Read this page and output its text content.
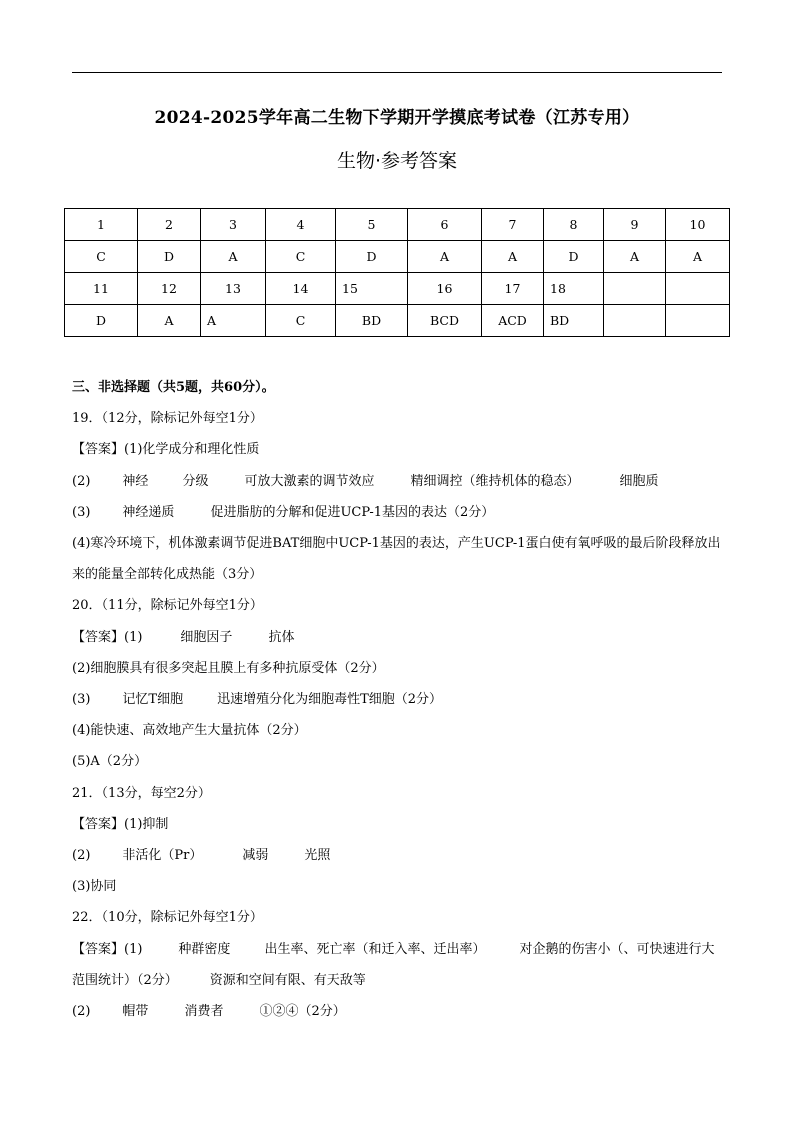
2024-2025学年高二生物下学期开学摸底考试卷（江苏专用）
生物·参考答案
1	2	3	4	5	6	7	8	9	10
C	D	A	C	D	A	A	D	A	A
11	12	13	14	15	16	17	18		
D	A	A	C	BD	BCD	ACD	BD		
三、非选择题（共5题，共60分）。
19．（12分，除标记外每空1分）
【答案】(1)化学成分和理化性质
(2) 神经	分级	可放大激素的调节效应	精细调控（维持机体的稳态）	细胞质
(3) 神经递质	促进脂肪的分解和促进UCP-1基因的表达（2分）
(4)寒冷环境下，机体激素调节促进BAT细胞中UCP-1基因的表达，产生UCP-1蛋白使有氧呼吸的最后阶段释放出来的能量全部转化成热能（3分）
20．（11分，除标记外每空1分）
【答案】(1)	细胞因子	抗体
(2)细胞膜具有很多突起且膜上有多种抗原受体（2分）
(3) 记忆T细胞	迅速增殖分化为细胞毒性T细胞（2分）
(4)能快速、高效地产生大量抗体（2分）
(5)A（2分）
21．（13分，每空2分）
【答案】(1)抑制
(2) 非活化（Pr）	减弱	光照
(3)协同
22．（10分，除标记外每空1分）
【答案】(1)	种群密度	出生率、死亡率（和迁入率、迁出率）	对企鹅的伤害小（、可快速进行大范围统计）（2分） 资源和空间有限、有天敌等
(2) 帽带	消费者	①②④（2分）
